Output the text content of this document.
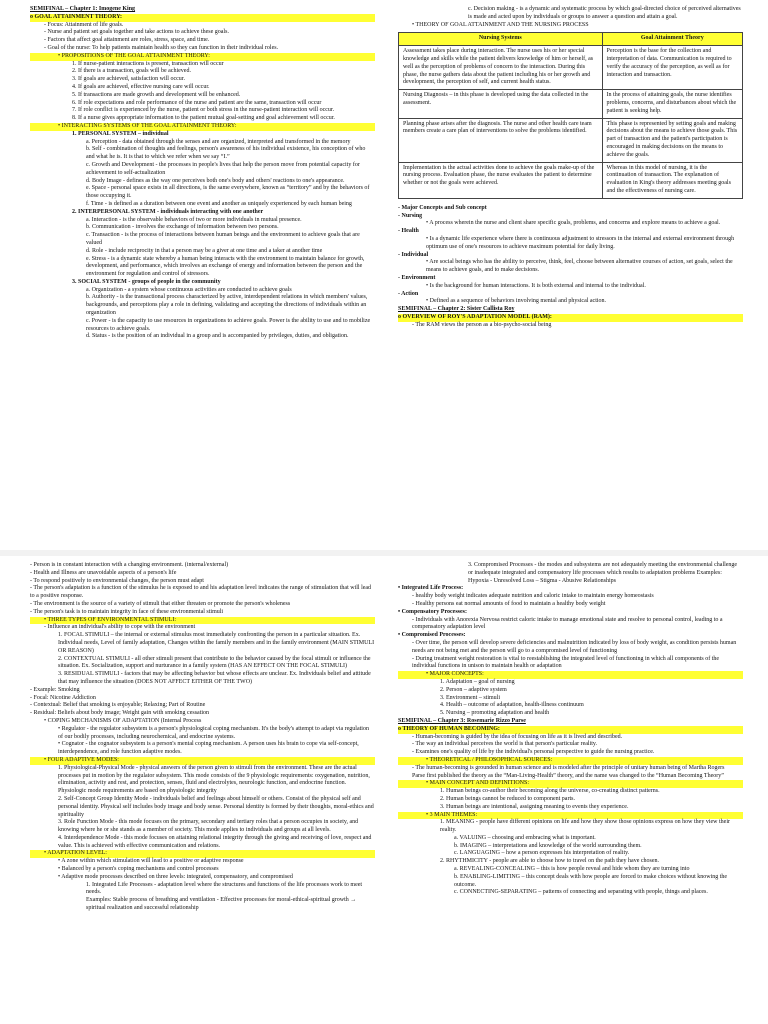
SEMIFINAL – Chapter 1: Imogene King

o GOAL ATTAINMENT THEORY:

- Focus: Attainment of life goals.

- Nurse and patient set goals together and take actions to achieve these goals.

- Factors that affect goal attainment are roles, stress, space, and time.

- Goal of the nurse: To help patients maintain health so they can function in their individual roles.

• PROPOSITIONS OF THE GOAL ATTAINMENT THEORY:

1. If nurse-patient interactions is present, transaction will occur

2. If there is a transaction, goals will be achieved.

3. If goals are achieved, satisfaction will occur.

4. If goals are achieved, effective nursing care will occur.

5. If transactions are made growth and development will be enhanced.

6. If role expectations and role performance of the nurse and patient are the same, transaction will occur

7. If role conflict is experienced by the nurse, patient or both stress in the nurse-patient interaction will occur.

8. If a nurse gives appropriate information to the patient mutual goal-setting and goal achievement will occur.

• INTERACTING SYSTEMS OF THE GOAL ATTAINMENT THEORY:

1. PERSONAL SYSTEM – individual

a. Perception - data obtained through the senses and are organized, interpreted and transformed in the memory

b. Self - combination of thoughts and feelings, person's awareness of his individual existence, his conception of who and what he is. It is that to which we refer when we say “I.”

c. Growth and Development - the processes in people's lives that help the person move from potential capacity for achievement to self-actualization

d. Body Image - defines as the way one perceives both one's body and others' reactions to one's appearance.

e. Space - personal space exists in all directions, is the same everywhere, known as “territory” and by the behaviors of those occupying it.

f. Time - is defined as a duration between one event and another as uniquely experienced by each human being

2. INTERPERSONAL SYSTEM - individuals interacting with one another

a. Interaction - is the observable behaviors of two or more individuals in mutual presence.

b. Communication - involves the exchange of information between two persons.

c. Transaction - is the process of interactions between human beings and the environment to achieve goals that are valued

d. Role - include reciprocity in that a person may be a giver at one time and a taker at another time

e. Stress - is a dynamic state whereby a human being interacts with the environment to maintain balance for growth, development, and performance, which involves an exchange of energy and information between the person and the environment for regulation and control of stressors.

3. SOCIAL SYSTEM - groups of people in the community

a. Organization - a system whose continuous activities are conducted to achieve goals

b. Authority - is the transactional process characterized by active, interdependent relations in which members' values, backgrounds, and perceptions play a role in defining, validating and accepting the directions of individuals within an organization

c. Power - is the capacity to use resources in organizations to achieve goals. Power is the ability to use and to mobilize resources to achieve goals.

d. Status - is the position of an individual in a group and is accompanied by privileges, duties, and obligation.

c. Decision making - is a dynamic and systematic process by which goal-directed choice of perceived alternatives is made and acted upon by individuals or groups to answer a question and attain a goal.

• THEORY OF GOAL ATTAINMENT AND THE NURSING PROCESS

Nursing Systems	Goal Attainment Theory
Assessment takes place during interaction. The nurse uses his or her special knowledge and skills while the patient delivers knowledge of him or herself, as well as the perception of problems of concern to the interaction. During this phase, the nurse gathers data about the patient including his or her growth and development, the perception of self, and current health status.	Perception is the base for the collection and interpretation of data. Communication is required to verify the accuracy of the perception, as well as for interaction and transaction.
Nursing Diagnosis – in this phase is developed using the data collected in the assessment.	In the process of attaining goals, the nurse identifies problems, concerns, and disturbances about which the patient is seeking help.
Planning phase arises after the diagnosis. The nurse and other health care team members create a care plan of interventions to solve the problems identified.	This phase is represented by setting goals and making decisions about the means to achieve those goals. This part of transaction and the patient's participation is encouraged in making decisions on the means to achieve the goals.
Implementation is the actual activities done to achieve the goals make-up of the nursing process. Evaluation phase, the nurse evaluates the patient to determine whether or not the goals were achieved.	Whereas in this model of nursing, it is the continuation of transaction. The explanation of evaluation in King's theory addresses meeting goals and the effectiveness of nursing care.

- Major Concepts and Sub concept

- Nursing

• A process wherein the nurse and client share specific goals, problems, and concerns and explore means to achieve a goal.

- Health

• Is a dynamic life experience where there is continuous adjustment to stressors in the internal and external environment through optimum use of one's resources to achieve maximum potential for daily living.

- Individual

• Are social beings who has the ability to perceive, think, feel, choose between alternative courses of action, set goals, select the means to achieve goals, and to make decisions.

- Environment

• Is the background for human interactions. It is both external and internal to the individual.

- Action

• Defined as a sequence of behaviors involving mental and physical action.

SEMIFINAL – Chapter 2: Sister Callista Roy

o OVERVIEW OF ROY'S ADAPTATION MODEL (RAM):

- The RAM views the person as a bio-psycho-social being

- Person is in constant interaction with a changing environment. (internal/external)

- Health and Illness are unavoidable aspects of a person's life

- To respond positively to environmental changes, the person must adapt

- The person's adaptation is a function of the stimulus he is exposed to and his adaptation level indicates the range of stimulation that will lead to a positive response.

- The environment is the source of a variety of stimuli that either threaten or promote the person's wholeness

- The person's task is to maintain integrity in face of these environmental stimuli

• THREE TYPES OF ENVIRONMENTAL STIMULI:

- Influence an individual's ability to cope with the environment

1. FOCAL STIMULI – the internal or external stimulus most immediately confronting the person in a particular situation. Ex. Individual needs, Level of family adaptation, Changes within the family members and in the family environment (MAIN STIMULI OR REASON)

2. CONTEXTUAL STIMULI - all other stimuli present that contribute to the behavior caused by the focal stimuli or influence the situation. Ex. Socialization, support and nurturance in a family system (HAS AN EFFECT ON THE FOCAL STIMULI)

3. RESIDUAL STIMULI - factors that may be affecting behavior but whose effects are unclear. Ex. Individuals belief and attitude that may influence the situation (DOES NOT AFFECT EITHER OF THE TWO)

- Example: Smoking

- Focal: Nicotine Addiction

- Contextual: Belief that smoking is enjoyable; Relaxing; Part of Routine

- Residual: Beliefs about body image; Weight gain with smoking cessation

• COPING MECHANISMS OF ADAPTATION (Internal Process

• Regulator - the regulator subsystem is a person's physiological coping mechanism. It's the body's attempt to adapt via regulation of our bodily processes, including neurochemical, and endocrine systems.

• Cognator - the cognator subsystem is a person's mental coping mechanism. A person uses his brain to cope via self-concept, interdependence, and role function adaptive modes.

• FOUR ADAPTIVE MODES:

1. Physiological-Physical Mode - physical answers of the person given to stimuli from the environment. These are the actual processes put in motion by the regulator subsystem. This mode consists of the 9 physiologic requirements: oxygenation, nutrition, elimination, activity and rest, and protection, senses, fluid and electrolytes, neurologic function, and endocrine function. Physiologic mode requirements are based on physiologic integrity

2. Self-Concept Group Identity Mode - individuals belief and feelings about himself or others. Consist of the physical self and personal identity. Physical self includes body image and body sense. Personal identity is formed by their thoughts, moral-ethics and spirituality

3. Role Function Mode - this mode focuses on the primary, secondary and tertiary roles that a person occupies in society, and knowing where he or she stands as a member of society. This mode applies to individuals and groups at all levels.

4. Interdependence Mode - this mode focuses on attaining relational integrity through the giving and receiving of love, respect and value. This is achieved with effective communication and relations.

• ADAPTATION LEVEL:

• A zone within which stimulation will lead to a positive or adaptive response

• Balanced by a person's coping mechanisms and control processes

• Adaptive mode processes described on three levels: integrated, compensatory, and compromised

1. Integrated Life Processes - adaptation level where the structures and functions of the life processes work to meet needs.

Examples: Stable process of breathing and ventilation - Effective processes for moral-ethical-spiritual growth → spiritual realization and successful relationship

3. Compromised Processes - the modes and subsystems are not adequately meeting the environmental challenge or inadequate integrated and compensatory life processes which results to adaptation problems Examples: Hypoxia - Unresolved Loss – Stigma - Abusive Relationships

• Integrated Life Process:

- healthy body weight indicates adequate nutrition and caloric intake to maintain energy homeostasis

- Healthy persons eat normal amounts of food to maintain a healthy body weight

• Compensatory Processes:

- Individuals with Anorexia Nervosa restrict caloric intake to manage emotional state and resolve to personal control, leading to a compensatory adaptation level

• Compromised Processes:

- Over time, the person will develop severe deficiencies and malnutrition indicated by loss of body weight, as condition persists human needs are not being met and the person will go to a compromised level of functioning

- During treatment weight restoration is vital to reestablishing the integrated level of functioning in which all components of the individual functions in unison to maintain health or adaptation

• MAJOR CONCEPTS:

1. Adaptation – goal of nursing

2. Person – adaptive system

3. Environment – stimuli

4. Health – outcome of adaptation, health-illness continuum

5. Nursing – promoting adaptation and health

SEMIFINAL – Chapter 3: Rosemarie Rizzo Parse

o THEORY OF HUMAN BECOMING:

- Human-becoming is guided by the idea of focusing on life as it is lived and described.

- The way an individual perceives the world is that person's particular reality.

- Examines one's quality of life by the individual's personal perspective to guide the nursing practice.

• THEORETICAL / PHILOSOPHICAL SOURCES:

- The human-becoming is grounded in human science and is modeled after the principle of unitary human being of Martha Rogers

Parse first published the theory as the “Man-Living-Health” theory, and the name was changed to the “Human Becoming Theory”

• MAIN CONCEPT AND DEFINITIONS:

1. Human beings co-author their becoming along the universe, co-creating distinct patterns.

2. Human beings cannot be reduced to component parts.

3. Human beings are intentional, assigning meaning to events they experience.

• 3 MAIN THEMES:

1. MEANING - people have different opinions on life and how they show those opinions express on how they view their reality.

a. VALUING – choosing and embracing what is important.

b. IMAGING – interpretations and knowledge of the world surrounding them.

c. LANGUAGING – how a person expresses his interpretation of reality.

2. RHYTHMICITY - people are able to choose how to travel on the path they have chosen.

a. REVEALING-CONCEALING – this is how people reveal and hide whom they are turning into

b. ENABLING-LIMITING – this concept deals with how people are forced to make choices without knowing the outcome.

c. CONNECTING-SEPARATING – patterns of connecting and separating with people, things and places.
